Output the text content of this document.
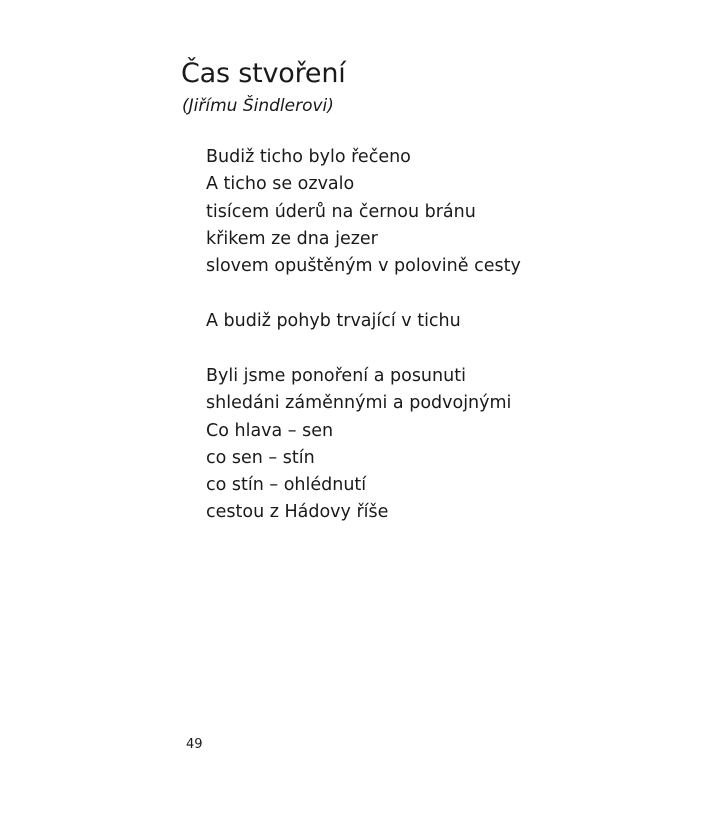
Čas stvoření

(Jiřímu Šindlerovi)

Budiž ticho bylo řečeno
A ticho se ozvalo
tisícem úderů na černou bránu
křikem ze dna jezer
slovem opuštěným v polovině cesty
A budiž pohyb trvající v tichu
Byli jsme ponoření a posunuti
shledáni záměnnými a podvojnými
Co hlava – sen
co sen – stín
co stín – ohlédnutí
cestou z Hádovy říše

49
